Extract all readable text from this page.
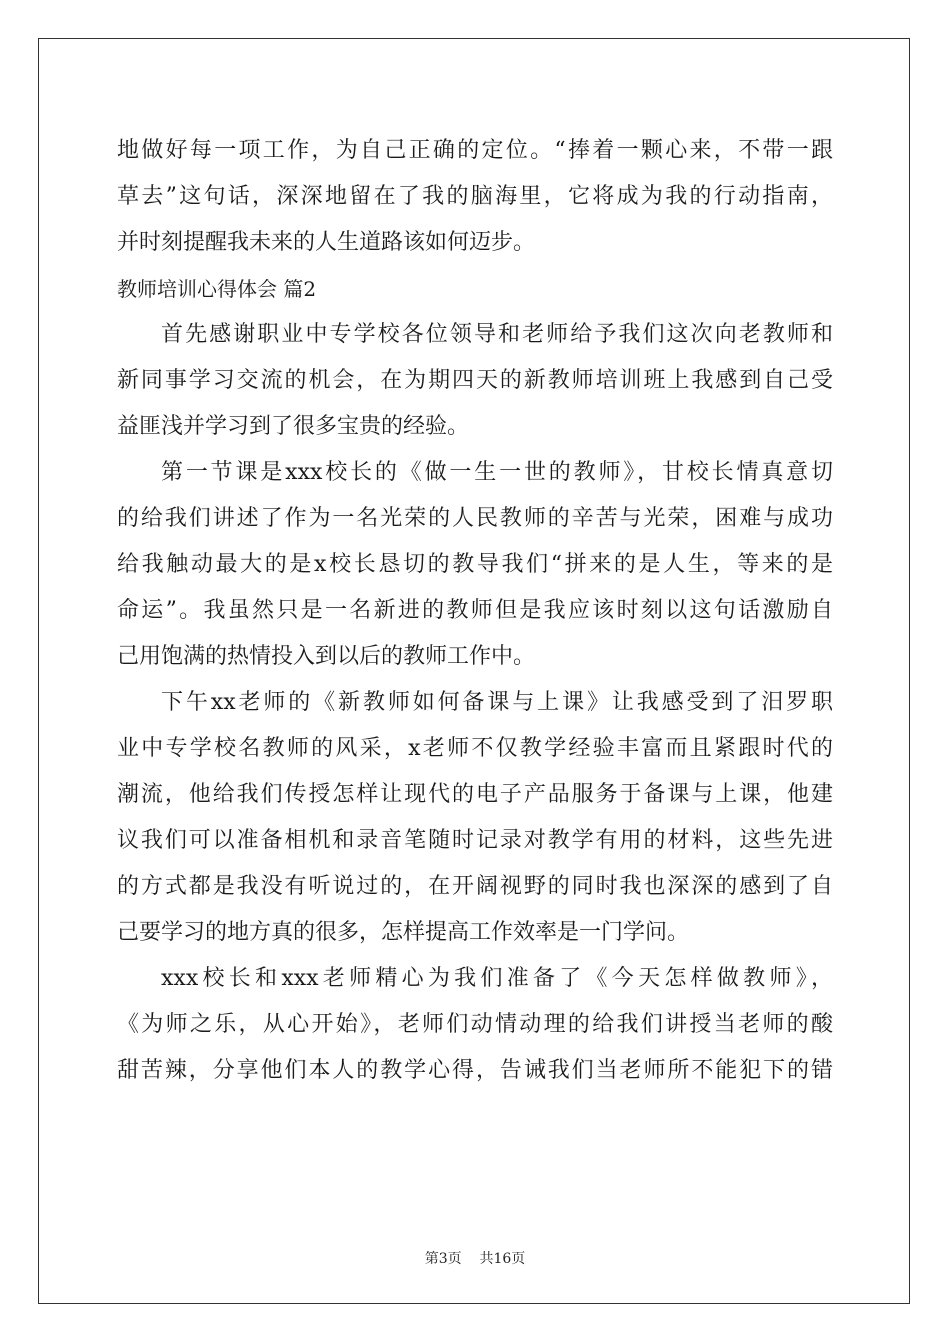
地做好每一项工作，为自己正确的定位。“捧着一颗心来，不带一跟
草去”这句话，深深地留在了我的脑海里，它将成为我的行动指南，
并时刻提醒我未来的人生道路该如何迈步。
教师培训心得体会 篇2
首先感谢职业中专学校各位领导和老师给予我们这次向老教师和
新同事学习交流的机会，在为期四天的新教师培训班上我感到自己受
益匪浅并学习到了很多宝贵的经验。
第一节课是xxx校长的《做一生一世的教师》，甘校长情真意切
的给我们讲述了作为一名光荣的人民教师的辛苦与光荣，困难与成功
给我触动最大的是x校长恳切的教导我们“拼来的是人生，等来的是
命运”。我虽然只是一名新进的教师但是我应该时刻以这句话激励自
己用饱满的热情投入到以后的教师工作中。
下午xx老师的《新教师如何备课与上课》让我感受到了汨罗职
业中专学校名教师的风采，x老师不仅教学经验丰富而且紧跟时代的
潮流，他给我们传授怎样让现代的电子产品服务于备课与上课，他建
议我们可以准备相机和录音笔随时记录对教学有用的材料，这些先进
的方式都是我没有听说过的，在开阔视野的同时我也深深的感到了自
己要学习的地方真的很多，怎样提高工作效率是一门学问。
xxx校长和xxx老师精心为我们准备了《今天怎样做教师》，
《为师之乐，从心开始》，老师们动情动理的给我们讲授当老师的酸
甜苦辣，分享他们本人的教学心得，告诫我们当老师所不能犯下的错
第3页    共16页
